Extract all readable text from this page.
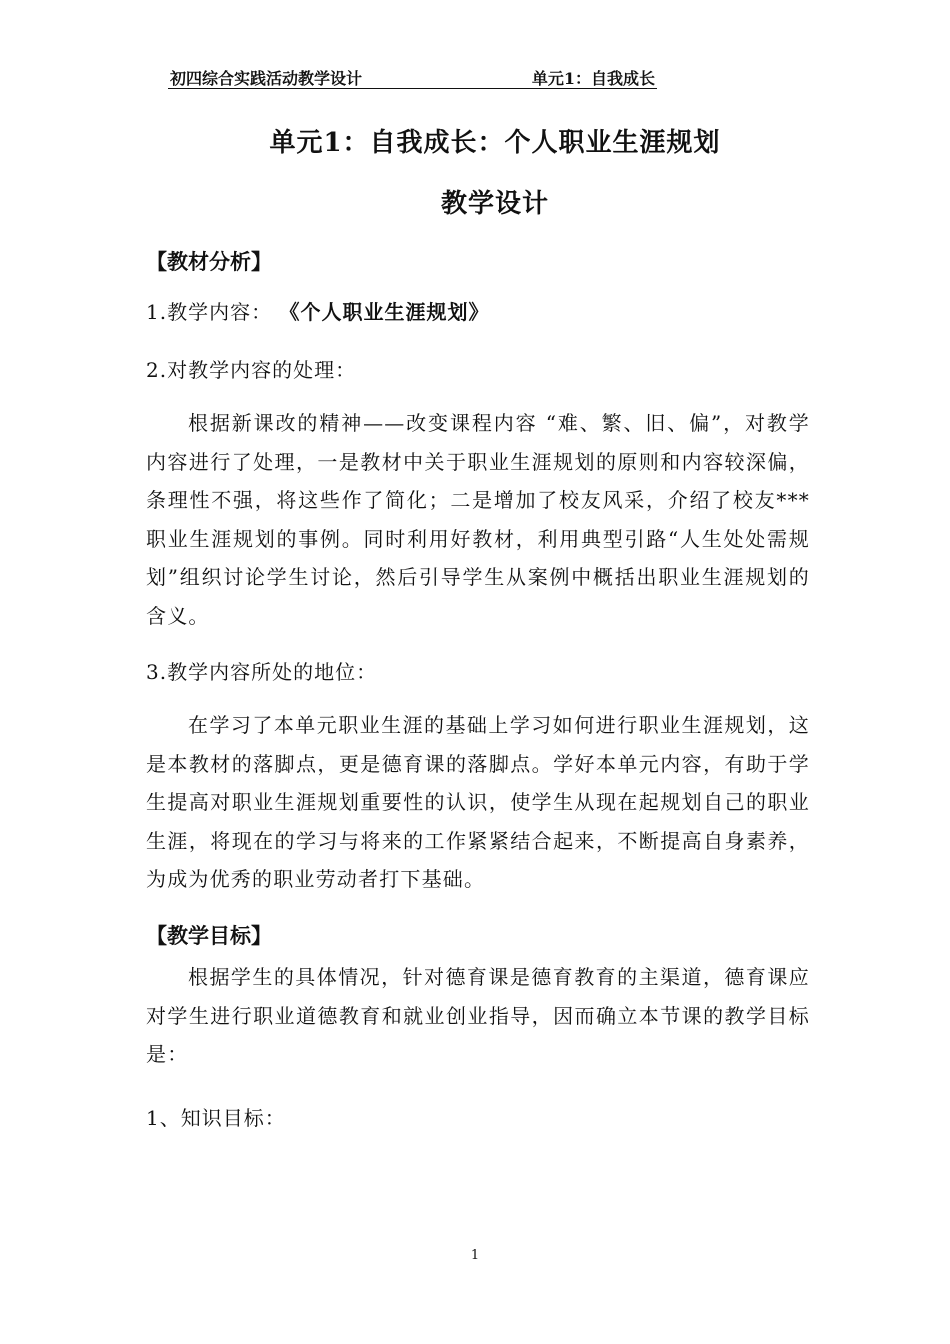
初四综合实践活动教学设计	单元1：自我成长
单元1：自我成长：个人职业生涯规划
教学设计
【教材分析】
1.教学内容： 《个人职业生涯规划》
2.对教学内容的处理：
根据新课改的精神——改变课程内容 “难、繁、旧、偏”，对教学内容进行了处理，一是教材中关于职业生涯规划的原则和内容较深偏，条理性不强，将这些作了简化；二是增加了校友风采，介绍了校友***职业生涯规划的事例。同时利用好教材，利用典型引路“人生处处需规划”组织讨论学生讨论，然后引导学生从案例中概括出职业生涯规划的含义。
3.教学内容所处的地位：
在学习了本单元职业生涯的基础上学习如何进行职业生涯规划，这是本教材的落脚点，更是德育课的落脚点。学好本单元内容，有助于学生提高对职业生涯规划重要性的认识，使学生从现在起规划自己的职业生涯，将现在的学习与将来的工作紧紧结合起来，不断提高自身素养，为成为优秀的职业劳动者打下基础。
【教学目标】
根据学生的具体情况，针对德育课是德育教育的主渠道，德育课应对学生进行职业道德教育和就业创业指导，因而确立本节课的教学目标是：
1、知识目标：
1
